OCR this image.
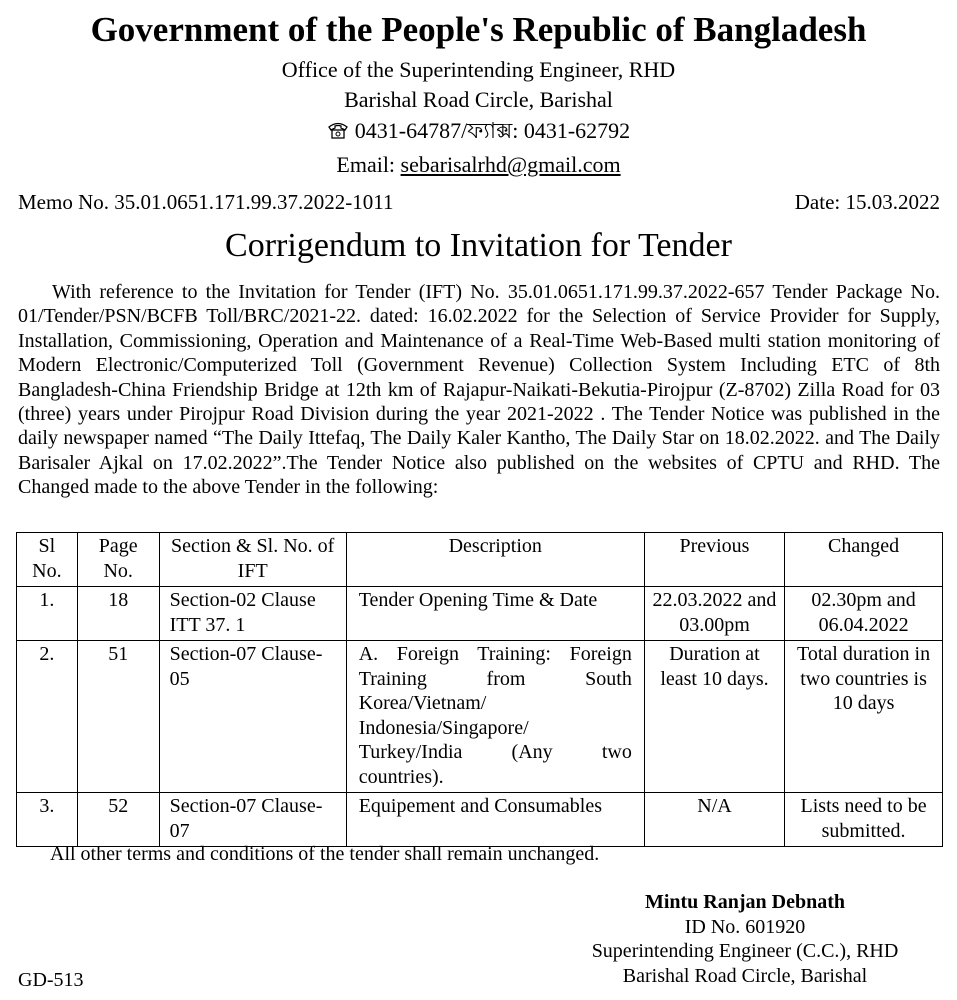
Government of the People's Republic of Bangladesh
Office of the Superintending Engineer, RHD
Barishal Road Circle, Barishal
0431-64787/ফ্যাক্স: 0431-62792
Email: sebarisalrhd@gmail.com
Memo No. 35.01.0651.171.99.37.2022-1011	Date: 15.03.2022
Corrigendum to Invitation for Tender
With reference to the Invitation for Tender (IFT) No. 35.01.0651.171.99.37.2022-657 Tender Package No. 01/Tender/PSN/BCFB Toll/BRC/2021-22. dated: 16.02.2022 for the Selection of Service Provider for Supply, Installation, Commissioning, Operation and Maintenance of a Real-Time Web-Based multi station monitoring of Modern Electronic/Computerized Toll (Government Revenue) Collection System Including ETC of 8th Bangladesh-China Friendship Bridge at 12th km of Rajapur-Naikati-Bekutia-Pirojpur (Z-8702) Zilla Road for 03 (three) years under Pirojpur Road Division during the year 2021-2022 . The Tender Notice was published in the daily newspaper named “The Daily Ittefaq, The Daily Kaler Kantho, The Daily Star on 18.02.2022. and The Daily Barisaler Ajkal on 17.02.2022”.The Tender Notice also published on the websites of CPTU and RHD. The Changed made to the above Tender in the following:
Sl No.	Page No.	Section & Sl. No. of IFT	Description	Previous	Changed
1.	18	Section-02 Clause ITT 37. 1	Tender Opening Time & Date	22.03.2022 and 03.00pm	02.30pm and 06.04.2022
2.	51	Section-07 Clause-05	A. Foreign Training: Foreign Training from South Korea/Vietnam/ Indonesia/Singapore/ Turkey/India (Any two countries).	Duration at least 10 days.	Total duration in two countries is 10 days
3.	52	Section-07 Clause-07	Equipement and Consumables	N/A	Lists need to be submitted.
All other terms and conditions of the tender shall remain unchanged.
Mintu Ranjan Debnath
ID No. 601920
Superintending Engineer (C.C.), RHD
Barishal Road Circle, Barishal
GD-513
